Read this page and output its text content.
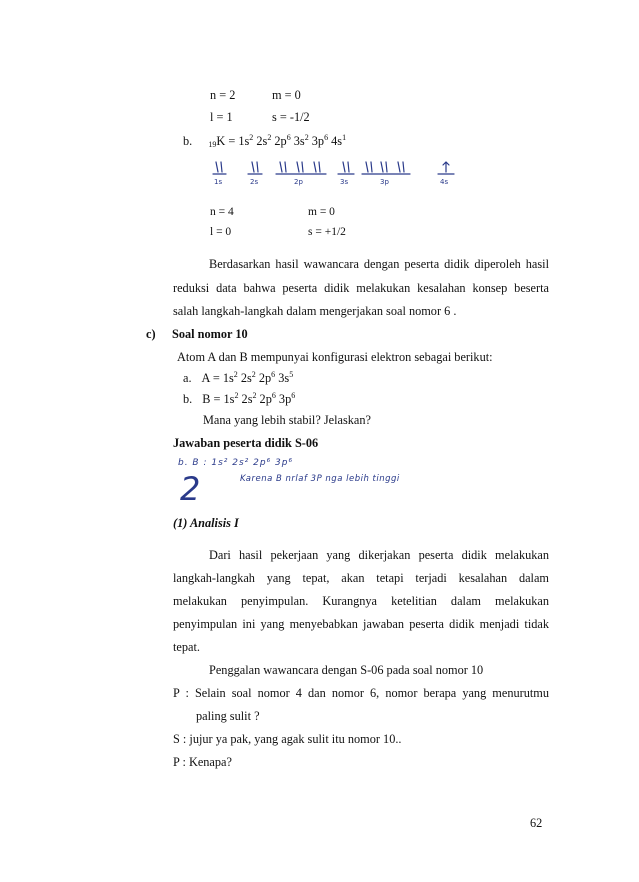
n = 2	m = 0
l = 1	s = -1/2
b. $_{19}K = 1s^2$ $2s^2$ $2p^6$ $3s^2$ $3p^6$ $4s^1$
1s	2s	2p	3s	3p	4s
n = 4	m = 0
l = 0	s = +1/2
Berdasarkan hasil wawancara dengan peserta didik diperoleh hasil
reduksi data bahwa peserta didik melakukan kesalahan konsep beserta
salah langkah-langkah dalam mengerjakan soal nomor 6 .
c) Soal nomor 10
Atom A dan B mempunyai konfigurasi elektron sebagai berikut:
a. $A = 1s^2$ $2s^2$ $2p^6$ $3s^5$
b. $B = 1s^2$ $2s^2$ $2p^6$ $3p^6$
Mana yang lebih stabil? Jelaskan?
Jawaban peserta didik S-06
b. B : 1s² 2s² 2p⁶ 3p⁶
2	Karena B nrlaf 3P nga lebih tinggi
(1) Analisis I
Dari hasil pekerjaan yang dikerjakan peserta didik melakukan
langkah-langkah yang tepat, akan tetapi terjadi kesalahan dalam
melakukan penyimpulan. Kurangnya ketelitian dalam melakukan
penyimpulan ini yang menyebabkan jawaban peserta didik menjadi tidak
tepat.
Penggalan wawancara dengan S-06 pada soal nomor 10
P : Selain soal nomor 4 dan nomor 6, nomor berapa yang menurutmu
paling sulit ?
S : jujur ya pak, yang agak sulit itu nomor 10..
P : Kenapa?
62
